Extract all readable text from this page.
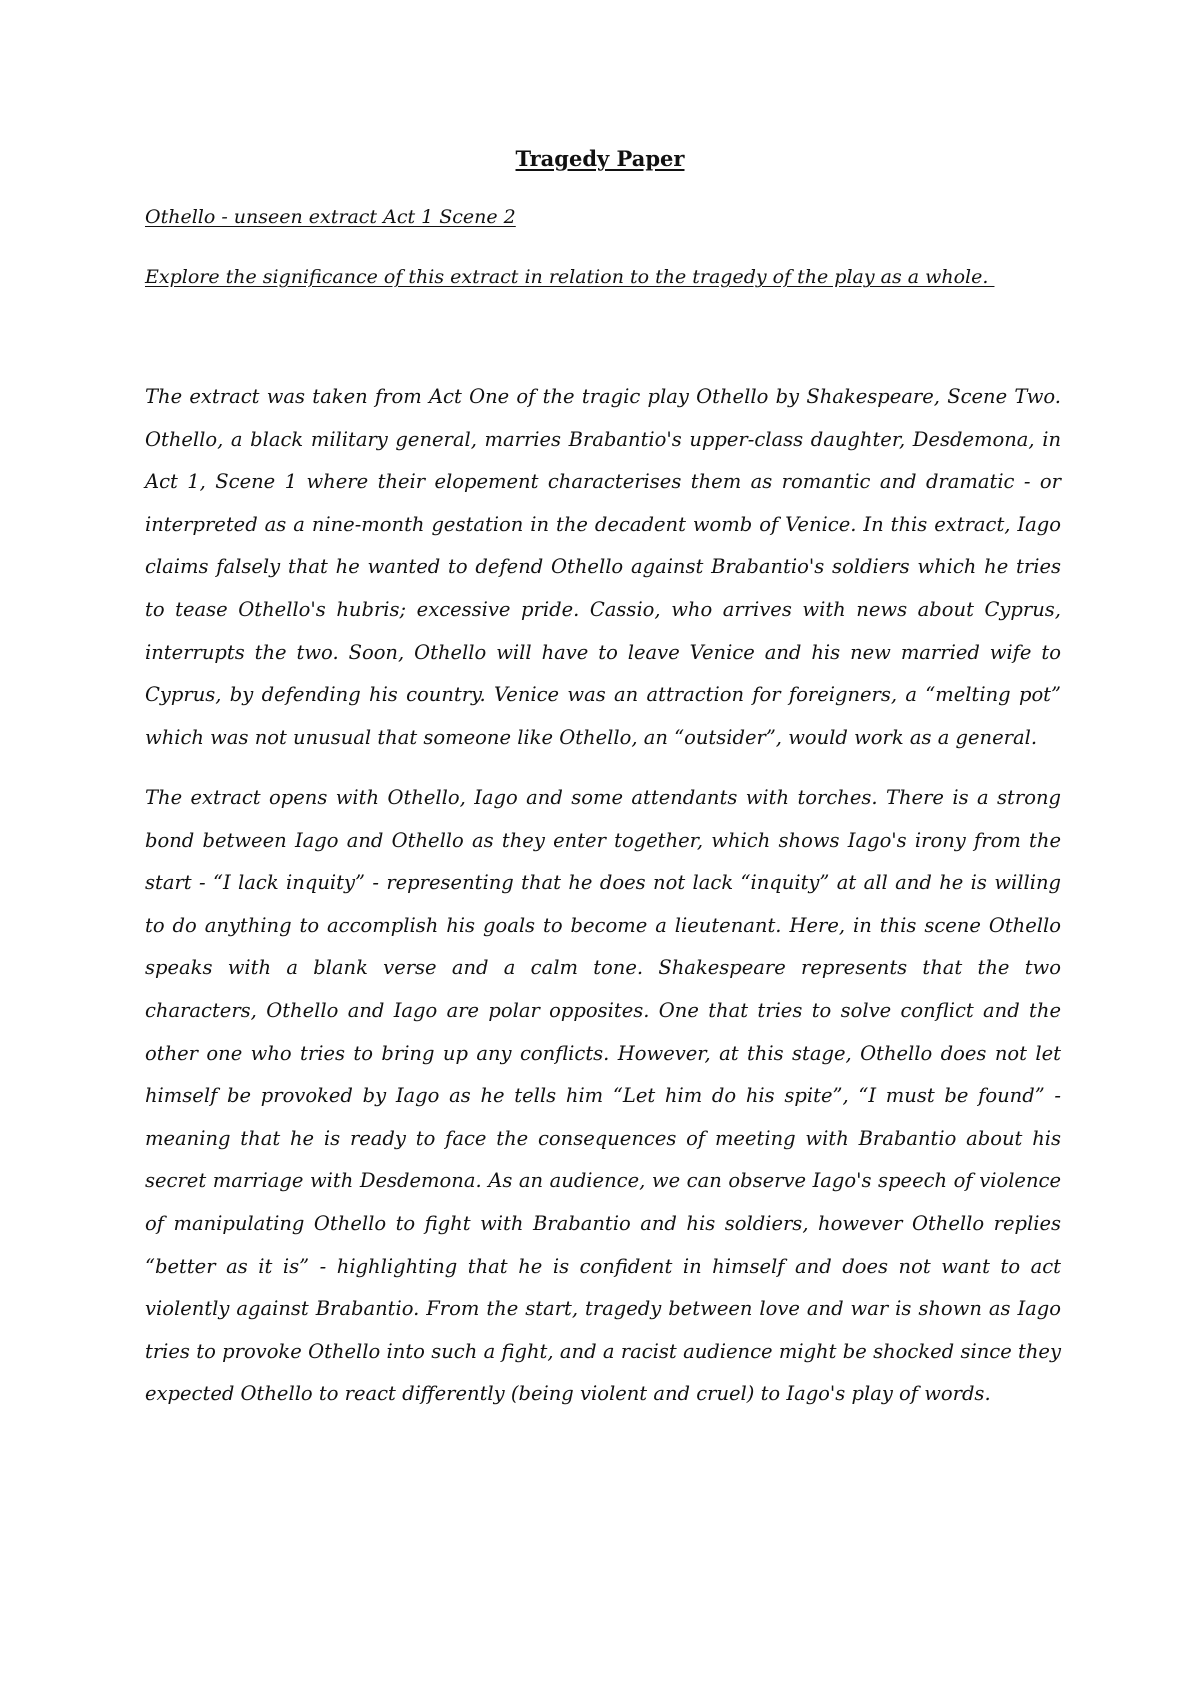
Tragedy Paper

Othello - unseen extract Act 1 Scene 2

Explore the significance of this extract in relation to the tragedy of the play as a whole.

The extract was taken from Act One of the tragic play Othello by Shakespeare, Scene Two. Othello, a black military general, marries Brabantio's upper-class daughter, Desdemona, in Act 1, Scene 1 where their elopement characterises them as romantic and dramatic - or interpreted as a nine-month gestation in the decadent womb of Venice. In this extract, Iago claims falsely that he wanted to defend Othello against Brabantio's soldiers which he tries to tease Othello's hubris; excessive pride. Cassio, who arrives with news about Cyprus, interrupts the two. Soon, Othello will have to leave Venice and his new married wife to Cyprus, by defending his country. Venice was an attraction for foreigners, a “melting pot” which was not unusual that someone like Othello, an “outsider”, would work as a general.

The extract opens with Othello, Iago and some attendants with torches. There is a strong bond between Iago and Othello as they enter together, which shows Iago's irony from the start - “I lack inquity” - representing that he does not lack “inquity” at all and he is willing to do anything to accomplish his goals to become a lieutenant. Here, in this scene Othello speaks with a blank verse and a calm tone. Shakespeare represents that the two characters, Othello and Iago are polar opposites. One that tries to solve conflict and the other one who tries to bring up any conflicts. However, at this stage, Othello does not let himself be provoked by Iago as he tells him “Let him do his spite”, “I must be found” - meaning that he is ready to face the consequences of meeting with Brabantio about his secret marriage with Desdemona. As an audience, we can observe Iago's speech of violence of manipulating Othello to fight with Brabantio and his soldiers, however Othello replies “better as it is” - highlighting that he is confident in himself and does not want to act violently against Brabantio. From the start, tragedy between love and war is shown as Iago tries to provoke Othello into such a fight, and a racist audience might be shocked since they expected Othello to react differently (being violent and cruel) to Iago's play of words.
